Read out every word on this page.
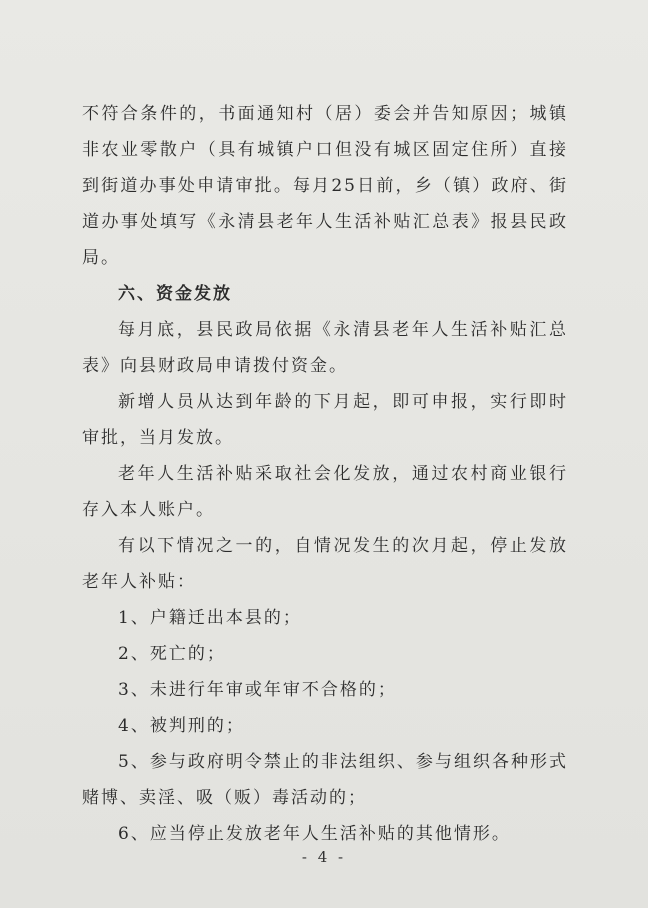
不符合条件的，书面通知村（居）委会并告知原因；城镇非农业零散户（具有城镇户口但没有城区固定住所）直接到街道办事处申请审批。每月25日前，乡（镇）政府、街道办事处填写《永清县老年人生活补贴汇总表》报县民政局。

六、资金发放

每月底，县民政局依据《永清县老年人生活补贴汇总表》向县财政局申请拨付资金。

新增人员从达到年龄的下月起，即可申报，实行即时审批，当月发放。

老年人生活补贴采取社会化发放，通过农村商业银行存入本人账户。

有以下情况之一的，自情况发生的次月起，停止发放老年人补贴：

1、户籍迁出本县的；

2、死亡的；

3、未进行年审或年审不合格的；

4、被判刑的；

5、参与政府明令禁止的非法组织、参与组织各种形式赌博、卖淫、吸（贩）毒活动的；

6、应当停止发放老年人生活补贴的其他情形。

- 4 -
